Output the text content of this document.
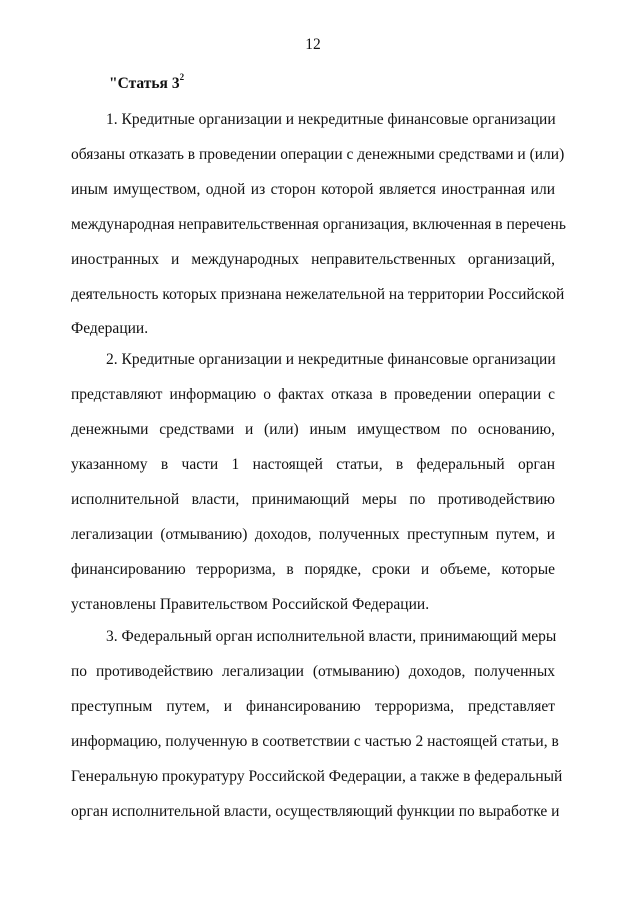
12
"Статья $3^2$
1. Кредитные организации и некредитные финансовые организации
обязаны отказать в проведении операции с денежными средствами и (или)
иным имуществом, одной из сторон которой является иностранная или
международная неправительственная организация, включенная в перечень
иностранных и международных неправительственных организаций,
деятельность которых признана нежелательной на территории Российской
Федерации.
2. Кредитные организации и некредитные финансовые организации
представляют информацию о фактах отказа в проведении операции с
денежными средствами и (или) иным имуществом по основанию,
указанному в части 1 настоящей статьи, в федеральный орган
исполнительной власти, принимающий меры по противодействию
легализации (отмыванию) доходов, полученных преступным путем, и
финансированию терроризма, в порядке, сроки и объеме, которые
установлены Правительством Российской Федерации.
3. Федеральный орган исполнительной власти, принимающий меры
по противодействию легализации (отмыванию) доходов, полученных
преступным путем, и финансированию терроризма, представляет
информацию, полученную в соответствии с частью 2 настоящей статьи, в
Генеральную прокуратуру Российской Федерации, а также в федеральный
орган исполнительной власти, осуществляющий функции по выработке и
